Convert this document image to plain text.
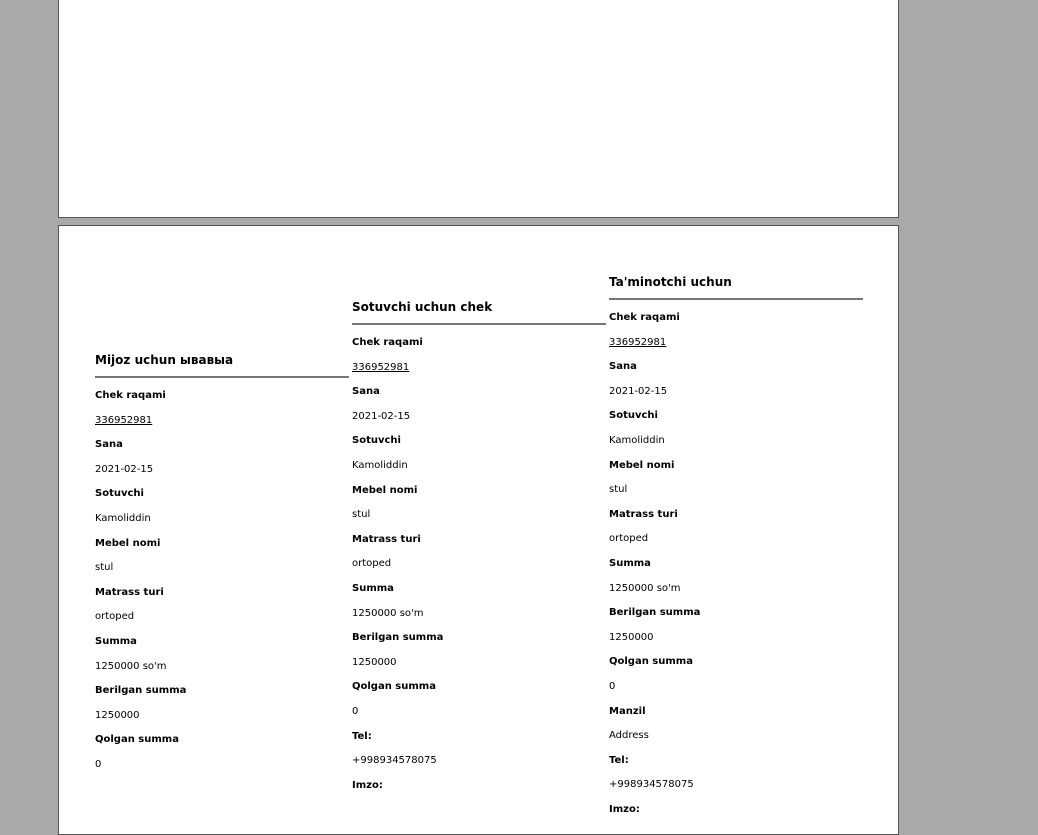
Mijoz uchun ывавыа
Chek raqami
336952981
Sana
2021-02-15
Sotuvchi
Kamoliddin
Mebel nomi
stul
Matrass turi
ortoped
Summa
1250000 so'm
Berilgan summa
1250000
Qolgan summa
0
Sotuvchi uchun chek
Chek raqami
336952981
Sana
2021-02-15
Sotuvchi
Kamoliddin
Mebel nomi
stul
Matrass turi
ortoped
Summa
1250000 so'm
Berilgan summa
1250000
Qolgan summa
0
Tel:
+998934578075
Imzo:
Ta'minotchi uchun
Chek raqami
336952981
Sana
2021-02-15
Sotuvchi
Kamoliddin
Mebel nomi
stul
Matrass turi
ortoped
Summa
1250000 so'm
Berilgan summa
1250000
Qolgan summa
0
Manzil
Address
Tel:
+998934578075
Imzo:
